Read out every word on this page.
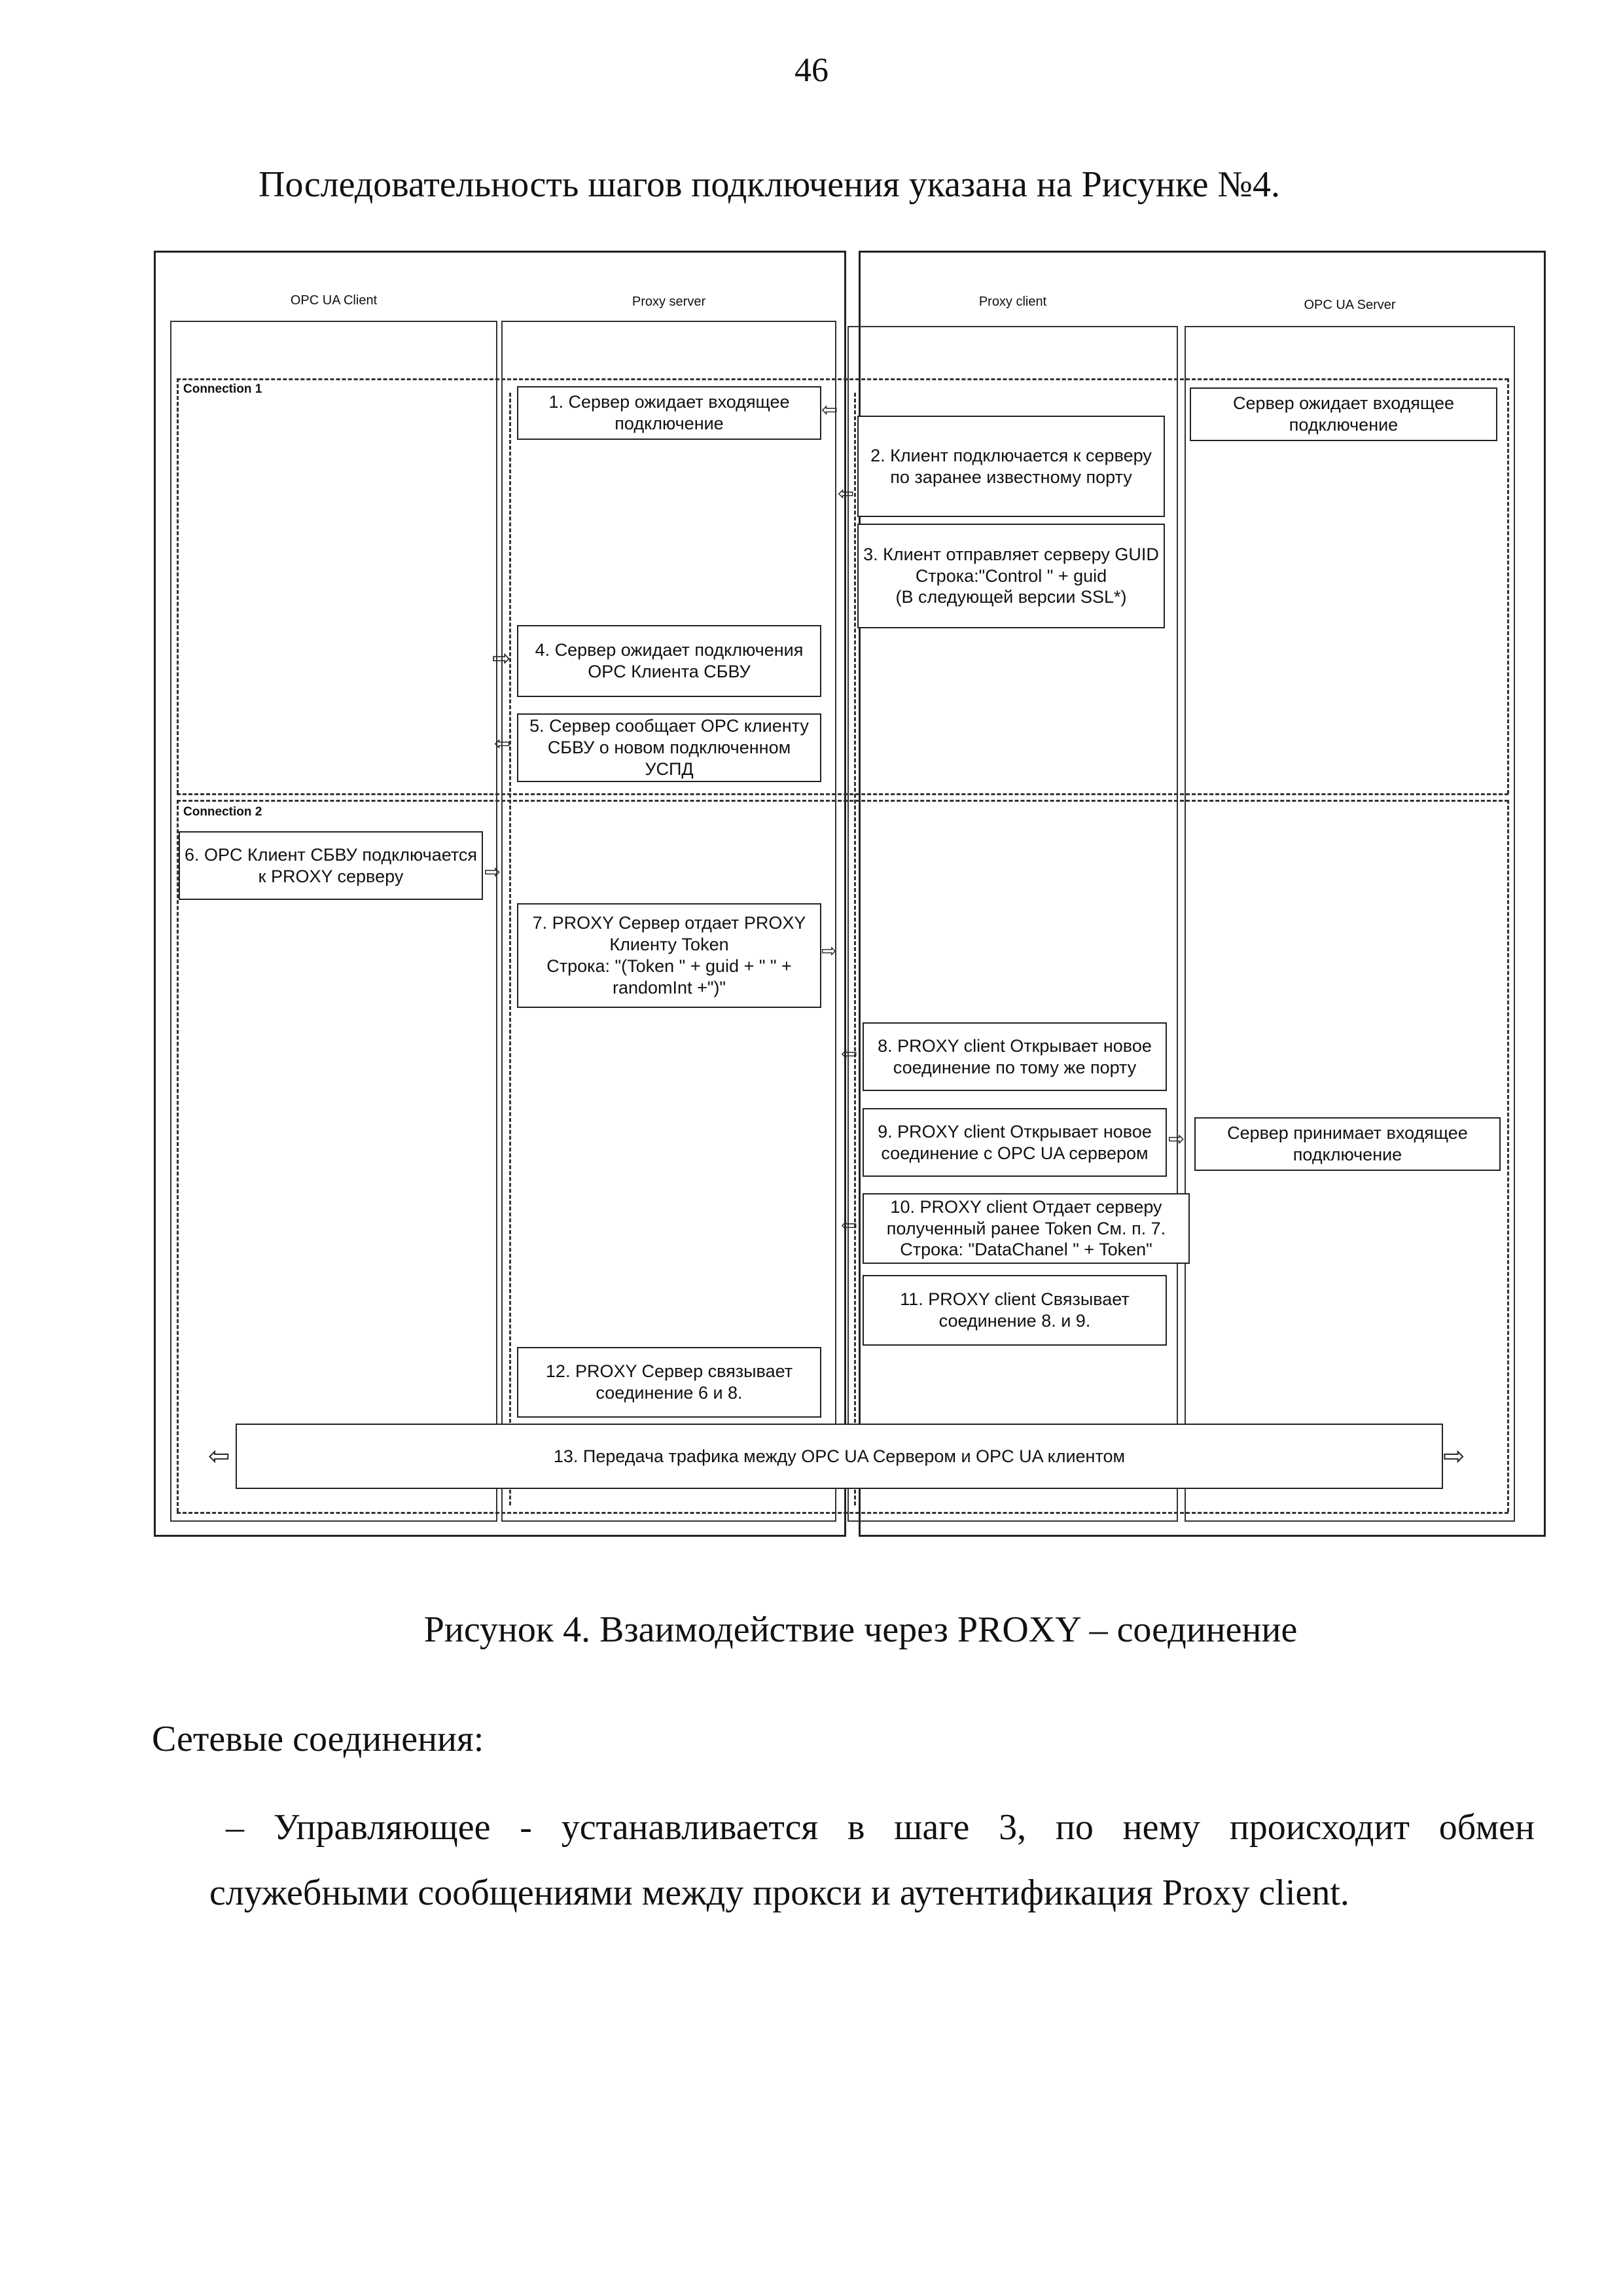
46
Последовательность шагов подключения указана на Рисунке №4.
OPC UA Client	Proxy server	Proxy client	OPC UA Server
Connection 1
Connection 2
1. Сервер ожидает входящее подключение
Сервер ожидает входящее подключение
2. Клиент подключается к серверу по заранее известному порту
3. Клиент отправляет серверу GUID
Строка:"Control " + guid
(В следующей версии SSL*)
4. Сервер ожидает подключения OPC Клиента СБВУ
5. Сервер сообщает OPC клиенту СБВУ о новом подключенном УСПД
6. OPC Клиент СБВУ подключается к PROXY серверу
7. PROXY Сервер отдает PROXY Клиенту Token
Строка: "(Token " + guid + " " + randomInt +")"
8. PROXY client Открывает новое соединение по тому же порту
9. PROXY client Открывает новое соединение с OPC UA сервером
Сервер принимает входящее подключение
10. PROXY client Отдает серверу полученный ранее Token См. п. 7.
Строка: "DataChanel " + Token"
11. PROXY client Связывает соединение 8. и 9.
12. PROXY Сервер связывает соединение 6 и 8.
13. Передача трафика между OPC UA Сервером и OPC UA клиентом
⇦	⇨
⇦
⇦
⇨
⇦
⇨
⇨
⇦
⇨
⇦
Рисунок 4. Взаимодействие через PROXY – соединение
Сетевые соединения:
– Управляющее - устанавливается в шаге 3, по нему происходит обмен
служебными сообщениями между прокси и аутентификация Proxy client.
